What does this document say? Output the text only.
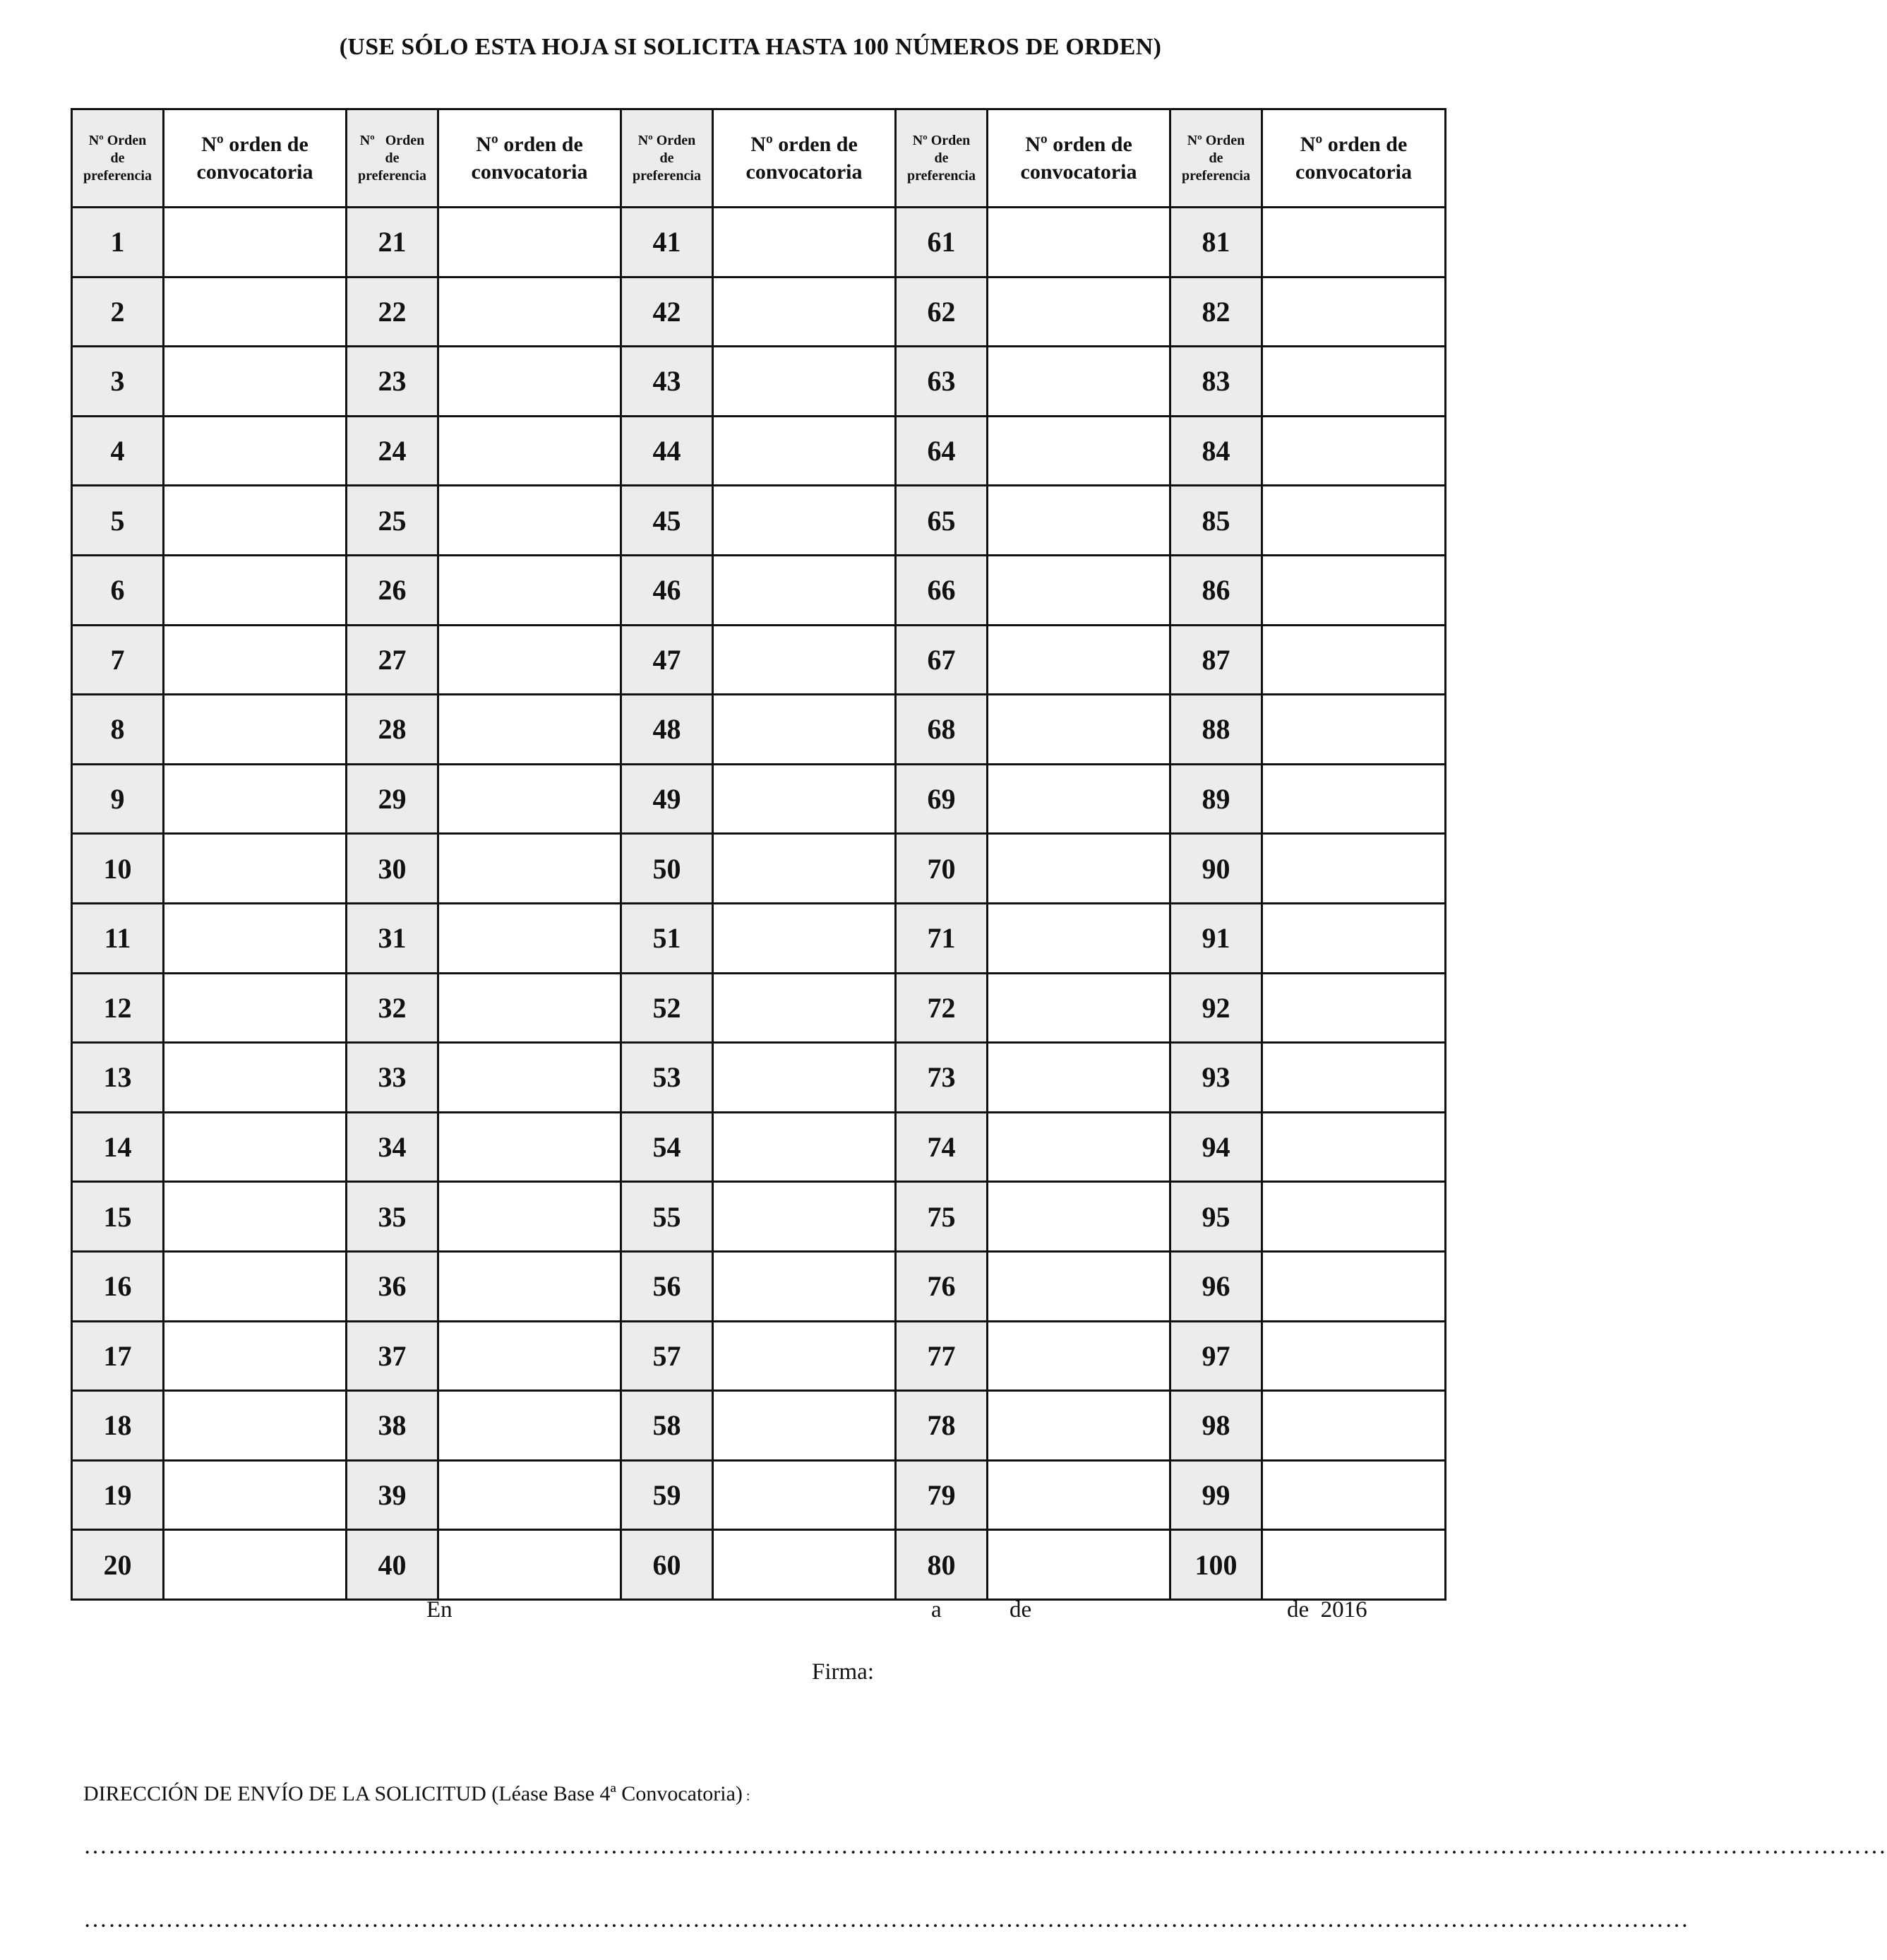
(USE SÓLO ESTA HOJA SI SOLICITA HASTA 100 NÚMEROS DE ORDEN)
Nº Orden
de
preferencia	Nº orden de
convocatoria	Nº   Orden
de
preferencia	Nº orden de
convocatoria	Nº Orden
de
preferencia	Nº orden de
convocatoria	Nº Orden
de
preferencia	Nº orden de
convocatoria	Nº Orden
de
preferencia	Nº orden de
convocatoria
1		21		41		61		81	
2		22		42		62		82	
3		23		43		63		83	
4		24		44		64		84	
5		25		45		65		85	
6		26		46		66		86	
7		27		47		67		87	
8		28		48		68		88	
9		29		49		69		89	
10		30		50		70		90	
11		31		51		71		91	
12		32		52		72		92	
13		33		53		73		93	
14		34		54		74		94	
15		35		55		75		95	
16		36		56		76		96	
17		37		57		77		97	
18		38		58		78		98	
19		39		59		79		99	
20		40		60		80		100	
En	a	de	de  2016
Firma:
DIRECCIÓN DE ENVÍO DE LA SOLICITUD (Léase Base 4ª Convocatoria) :
…………………………………………………………………………………………………………………………………………………………………………………………………
……………………………………………………………………………………………………………………………………………………………………………
